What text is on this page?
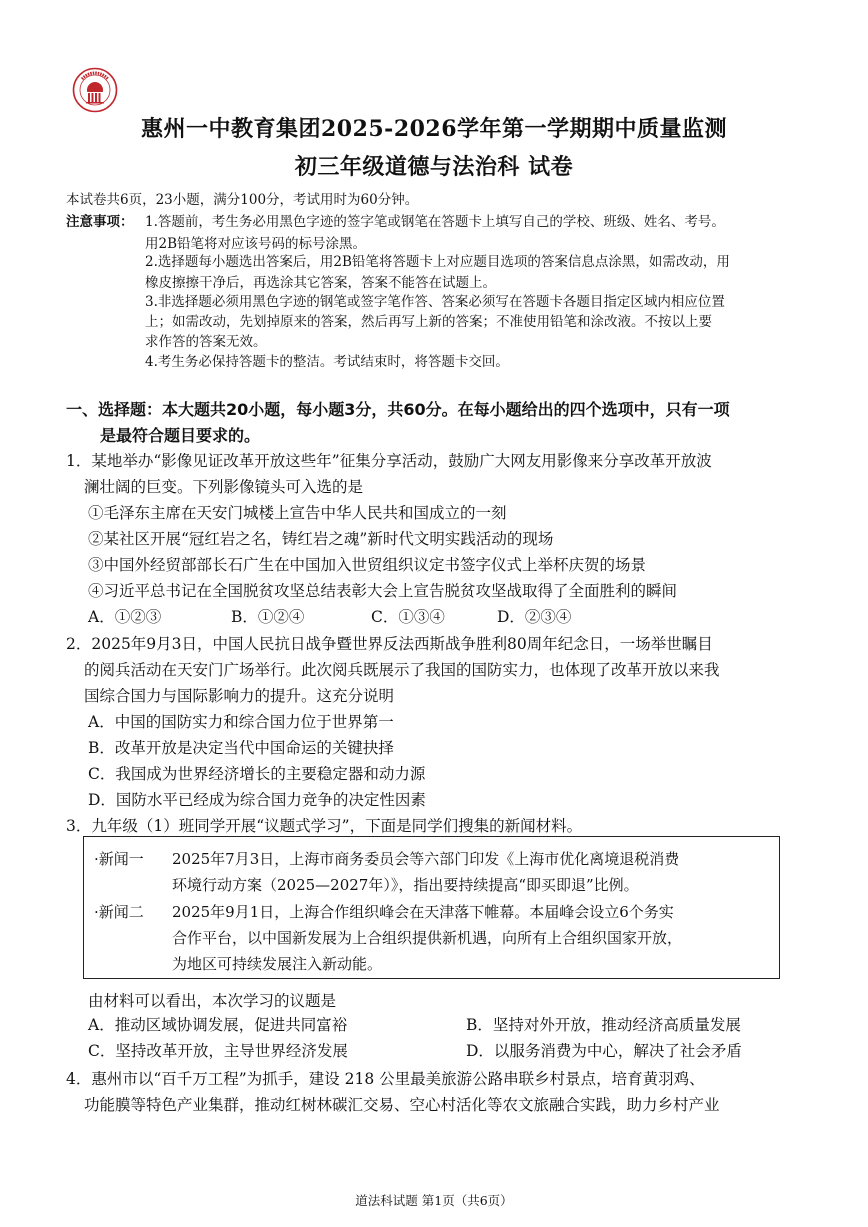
惠州一中教育集团2025-2026学年第一学期期中质量监测
初三年级道德与法治科 试卷
本试卷共6页，23小题，满分100分，考试用时为60分钟。
注意事项： 1.答题前，考生务必用黑色字迹的签字笔或钢笔在答题卡上填写自己的学校、班级、姓名、考号。
用2B铅笔将对应该号码的标号涂黑。
2.选择题每小题选出答案后，用2B铅笔将答题卡上对应题目选项的答案信息点涂黑，如需改动，用
橡皮擦擦干净后，再选涂其它答案，答案不能答在试题上。
3.非选择题必须用黑色字迹的钢笔或签字笔作答、答案必须写在答题卡各题目指定区域内相应位置
上；如需改动，先划掉原来的答案，然后再写上新的答案；不准使用铅笔和涂改液。不按以上要
求作答的答案无效。
4.考生务必保持答题卡的整洁。考试结束时，将答题卡交回。
一、选择题：本大题共20小题，每小题3分，共60分。在每小题给出的四个选项中，只有一项
是最符合题目要求的。
1．某地举办“影像见证改革开放这些年”征集分享活动，鼓励广大网友用影像来分享改革开放波
澜壮阔的巨变。下列影像镜头可入选的是
①毛泽东主席在天安门城楼上宣告中华人民共和国成立的一刻
②某社区开展“冠红岩之名，铸红岩之魂”新时代文明实践活动的现场
③中国外经贸部部长石广生在中国加入世贸组织议定书签字仪式上举杯庆贺的场景
④习近平总书记在全国脱贫攻坚总结表彰大会上宣告脱贫攻坚战取得了全面胜利的瞬间
A．①②③	B．①②④	C．①③④	D．②③④
2．2025年9月3日，中国人民抗日战争暨世界反法西斯战争胜利80周年纪念日，一场举世瞩目
的阅兵活动在天安门广场举行。此次阅兵既展示了我国的国防实力，也体现了改革开放以来我
国综合国力与国际影响力的提升。这充分说明
A．中国的国防实力和综合国力位于世界第一
B．改革开放是决定当代中国命运的关键抉择
C．我国成为世界经济增长的主要稳定器和动力源
D．国防水平已经成为综合国力竞争的决定性因素
3．九年级（1）班同学开展“议题式学习”，下面是同学们搜集的新闻材料。
·新闻一 2025年7月3日，上海市商务委员会等六部门印发《上海市优化离境退税消费
环境行动方案（2025—2027年）》，指出要持续提高“即买即退”比例。
·新闻二 2025年9月1日，上海合作组织峰会在天津落下帷幕。本届峰会设立6个务实
合作平台，以中国新发展为上合组织提供新机遇，向所有上合组织国家开放，
为地区可持续发展注入新动能。
由材料可以看出，本次学习的议题是
A．推动区域协调发展，促进共同富裕	B．坚持对外开放，推动经济高质量发展
C．坚持改革开放，主导世界经济发展	D．以服务消费为中心，解决了社会矛盾
4．惠州市以“百千万工程”为抓手，建设 218 公里最美旅游公路串联乡村景点，培育黄羽鸡、
功能膜等特色产业集群，推动红树林碳汇交易、空心村活化等农文旅融合实践，助力乡村产业
道法科试题 第1页（共6页）
